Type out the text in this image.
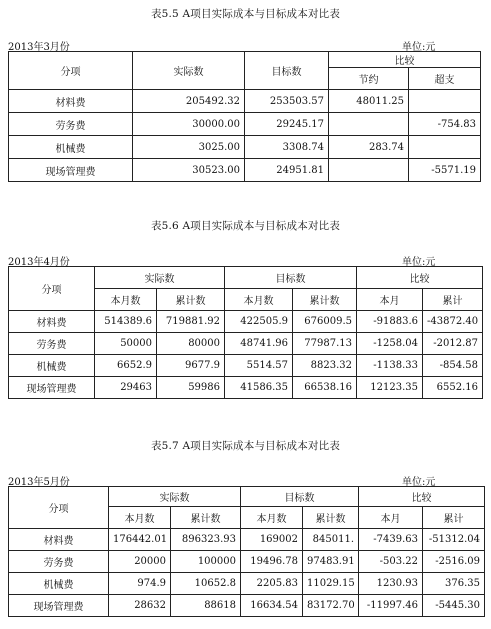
表5.5 A项目实际成本与目标成本对比表
2013年3月份	单位:元
分项	实际数	目标数	比较	
			节约	超支
材料费	205492.32	253503.57	48011.25	
劳务费	30000.00	29245.17		-754.83
机械费	3025.00	3308.74	283.74	
现场管理费	30523.00	24951.81		-5571.19
表5.6 A项目实际成本与目标成本对比表
2013年4月份	单位:元
分项	实际数		目标数		比较	
	本月数	累计数	本月数	累计数	本月	累计
材料费	514389.6	719881.92	422505.9	676009.5	-91883.6	-43872.40
劳务费	50000	80000	48741.96	77987.13	-1258.04	-2012.87
机械费	6652.9	9677.9	5514.57	8823.32	-1138.33	-854.58
现场管理费	29463	59986	41586.35	66538.16	12123.35	6552.16
表5.7 A项目实际成本与目标成本对比表
2013年5月份	单位:元
分项	实际数		目标数		比较	
	本月数	累计数	本月数	累计数	本月	累计
材料费	176442.01	896323.93	169002	845011.	-7439.63	-51312.04
劳务费	20000	100000	19496.78	97483.91	-503.22	-2516.09
机械费	974.9	10652.8	2205.83	11029.15	1230.93	376.35
现场管理费	28632	88618	16634.54	83172.70	-11997.46	-5445.30
